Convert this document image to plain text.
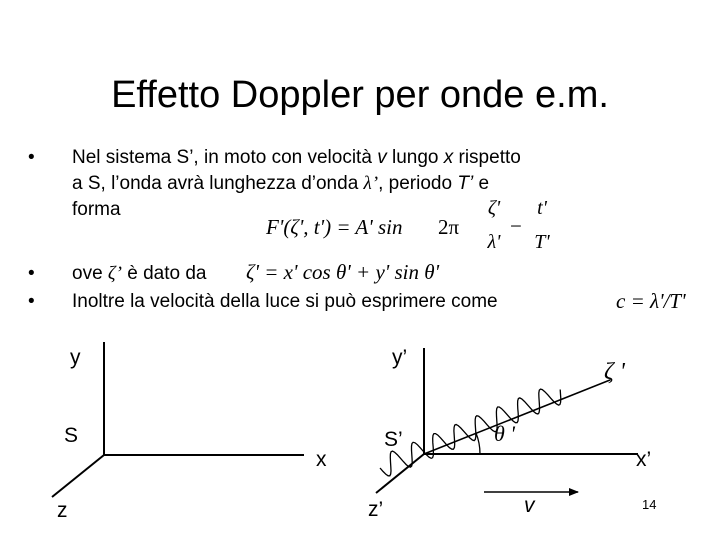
Effetto Doppler per onde e.m.
• Nel sistema S’, in moto con velocità v lungo x rispetto
a S, l’onda avrà lunghezza d’onda λ’, periodo T’ e
forma
F'(ζ', t') = A' sin 2π
ζ'
λ'
−
t'
T'
• ove ζ’ è dato da ζ' = x' cos θ' + y' sin θ'
• Inoltre la velocità della luce si può esprimere come	c = λ'/T'
y
S
x
z
y’
S’
x’
z’
ζ '
θ '
v	14
